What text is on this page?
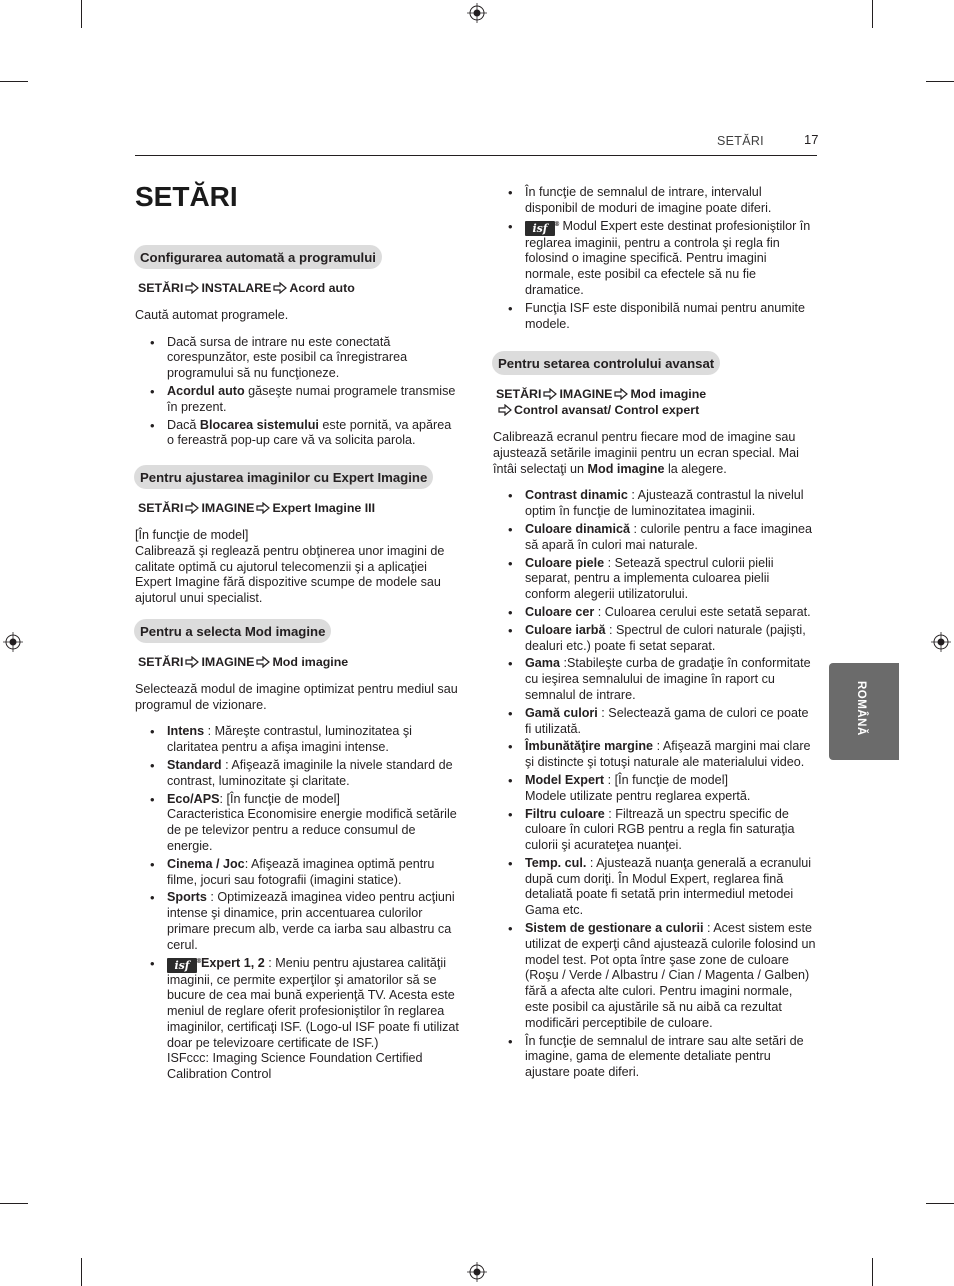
SETĂRI	17
SETĂRI
Configurarea automată a programului

SETĂRI INSTALARE Acord auto

Caută automat programele.

• Dacă sursa de intrare nu este conectată corespunzător, este posibil ca înregistrarea programului să nu funcţioneze.
• Acordul auto găseşte numai programele transmise în prezent.
• Dacă Blocarea sistemului este pornită, va apărea o fereastră pop-up care vă va solicita parola.
Pentru ajustarea imaginilor cu Expert Imagine

SETĂRI IMAGINE Expert Imagine III

[În funcţie de model]

Calibrează şi reglează pentru obţinerea unor imagini de calitate optimă cu ajutorul telecomenzii şi a aplicaţiei Expert Imagine fără dispozitive scumpe de modele sau ajutorul unui specialist.

Pentru a selecta Mod imagine

SETĂRI IMAGINE Mod imagine

Selectează modul de imagine optimizat pentru mediul sau programul de vizionare.

• Intens : Măreşte contrastul, luminozitatea şi claritatea pentru a afişa imagini intense.
• Standard : Afişează imaginile la nivele standard de contrast, luminozitate şi claritate.
• Eco/APS: [În funcţie de model]
Caracteristica Economisire energie modifică setările de pe televizor pentru a reduce consumul de energie.
• Cinema / Joc: Afişează imaginea optimă pentru filme, jocuri sau fotografii (imagini statice).
• Sports : Optimizează imaginea video pentru acţiuni intense şi dinamice, prin accentuarea culorilor primare precum alb, verde ca iarba sau albastru ca cerul.
• isf ® Expert 1, 2 : Meniu pentru ajustarea calităţii imaginii, ce permite experţilor şi amatorilor să se bucure de cea mai bună experienţă TV. Acesta este meniul de reglare oferit profesioniştilor în reglarea imaginilor, certificaţi ISF. (Logo-ul ISF poate fi utilizat doar pe televizoare certificate de ISF.)
ISFccc: Imaging Science Foundation Certified Calibration Control
• În funcţie de semnalul de intrare, intervalul disponibil de moduri de imagine poate diferi.
• isf ® Modul Expert este destinat profesioniştilor în reglarea imaginii, pentru a controla şi regla fin folosind o imagine specifică. Pentru imagini normale, este posibil ca efectele să nu fie dramatice.
• Funcţia ISF este disponibilă numai pentru anumite modele.
Pentru setarea controlului avansat

SETĂRI IMAGINE Mod imagine
Control avansat/ Control expert

Calibrează ecranul pentru fiecare mod de imagine sau ajustează setările imaginii pentru un ecran special. Mai întâi selectaţi un Mod imagine la alegere.

• Contrast dinamic : Ajustează contrastul la nivelul optim în funcţie de luminozitatea imaginii.
• Culoare dinamică : culorile pentru a face imaginea să apară în culori mai naturale.
• Culoare piele : Setează spectrul culorii pielii separat, pentru a implementa culoarea pielii conform alegerii utilizatorului.
• Culoare cer : Culoarea cerului este setată separat.
• Culoare iarbă : Spectrul de culori naturale (pajişti, dealuri etc.) poate fi setat separat.
• Gama :Stabileşte curba de gradaţie în conformitate cu ieşirea semnalului de imagine în raport cu semnalul de intrare.
• Gamă culori : Selectează gama de culori ce poate fi utilizată.
• Îmbunătăţire margine : Afişează margini mai clare şi distincte şi totuşi naturale ale materialului video.
• Model Expert : [În funcţie de model]
Modele utilizate pentru reglarea expertă.
• Filtru culoare : Filtrează un spectru specific de culoare în culori RGB pentru a regla fin saturaţia culorii şi acurateţea nuanţei.
• Temp. cul. : Ajustează nuanţa generală a ecranului după cum doriţi. În Modul Expert, reglarea fină detaliată poate fi setată prin intermediul metodei Gama etc.
• Sistem de gestionare a culorii : Acest sistem este utilizat de experţi când ajustează culorile folosind un model test. Pot opta între şase zone de culoare (Roşu / Verde / Albastru / Cian / Magenta / Galben) fără a afecta alte culori. Pentru imagini normale, este posibil ca ajustările să nu aibă ca rezultat modificări perceptibile de culoare.
• În funcţie de semnalul de intrare sau alte setări de imagine, gama de elemente detaliate pentru ajustare poate diferi.
ROMÂNĂ
